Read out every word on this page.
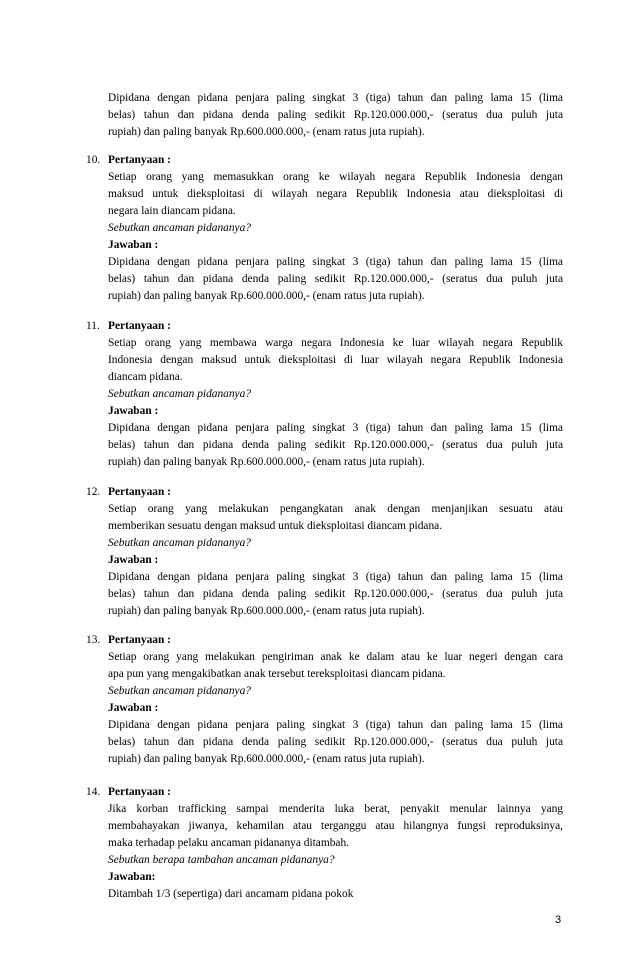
Dipidana dengan pidana penjara paling singkat 3 (tiga) tahun dan paling lama 15 (lima
belas) tahun dan pidana denda paling sedikit Rp.120.000.000,- (seratus dua puluh juta
rupiah) dan paling banyak Rp.600.000.000,- (enam ratus juta rupiah).
10. Pertanyaan :
Setiap orang yang memasukkan orang ke wilayah negara Republik Indonesia dengan
maksud untuk dieksploitasi di wilayah negara Republik Indonesia atau dieksploitasi di
negara lain diancam pidana.
Sebutkan ancaman pidananya?
Jawaban :
Dipidana dengan pidana penjara paling singkat 3 (tiga) tahun dan paling lama 15 (lima
belas) tahun dan pidana denda paling sedikit Rp.120.000.000,- (seratus dua puluh juta
rupiah) dan paling banyak Rp.600.000.000,- (enam ratus juta rupiah).
11. Pertanyaan :
Setiap orang yang membawa warga negara Indonesia ke luar wilayah negara Republik
Indonesia dengan maksud untuk dieksploitasi di luar wilayah negara Republik Indonesia
diancam pidana.
Sebutkan ancaman pidananya?
Jawaban :
Dipidana dengan pidana penjara paling singkat 3 (tiga) tahun dan paling lama 15 (lima
belas) tahun dan pidana denda paling sedikit Rp.120.000.000,- (seratus dua puluh juta
rupiah) dan paling banyak Rp.600.000.000,- (enam ratus juta rupiah).
12. Pertanyaan :
Setiap orang yang melakukan pengangkatan anak dengan menjanjikan sesuatu atau
memberikan sesuatu dengan maksud untuk dieksploitasi diancam pidana.
Sebutkan ancaman pidananya?
Jawaban :
Dipidana dengan pidana penjara paling singkat 3 (tiga) tahun dan paling lama 15 (lima
belas) tahun dan pidana denda paling sedikit Rp.120.000.000,- (seratus dua puluh juta
rupiah) dan paling banyak Rp.600.000.000,- (enam ratus juta rupiah).
13. Pertanyaan :
Setiap orang yang melakukan pengiriman anak ke dalam atau ke luar negeri dengan cara
apa pun yang mengakibatkan anak tersebut tereksploitasi diancam pidana.
Sebutkan ancaman pidananya?
Jawaban :
Dipidana dengan pidana penjara paling singkat 3 (tiga) tahun dan paling lama 15 (lima
belas) tahun dan pidana denda paling sedikit Rp.120.000.000,- (seratus dua puluh juta
rupiah) dan paling banyak Rp.600.000.000,- (enam ratus juta rupiah).
14. Pertanyaan :
Jika korban trafficking sampai menderita luka berat, penyakit menular lainnya yang
membahayakan jiwanya, kehamilan atau terganggu atau hilangnya fungsi reproduksinya,
maka terhadap pelaku ancaman pidananya ditambah.
Sebutkan berapa tambahan ancaman pidananya?
Jawaban:
Ditambah 1/3 (sepertiga) dari ancamam pidana pokok
3
